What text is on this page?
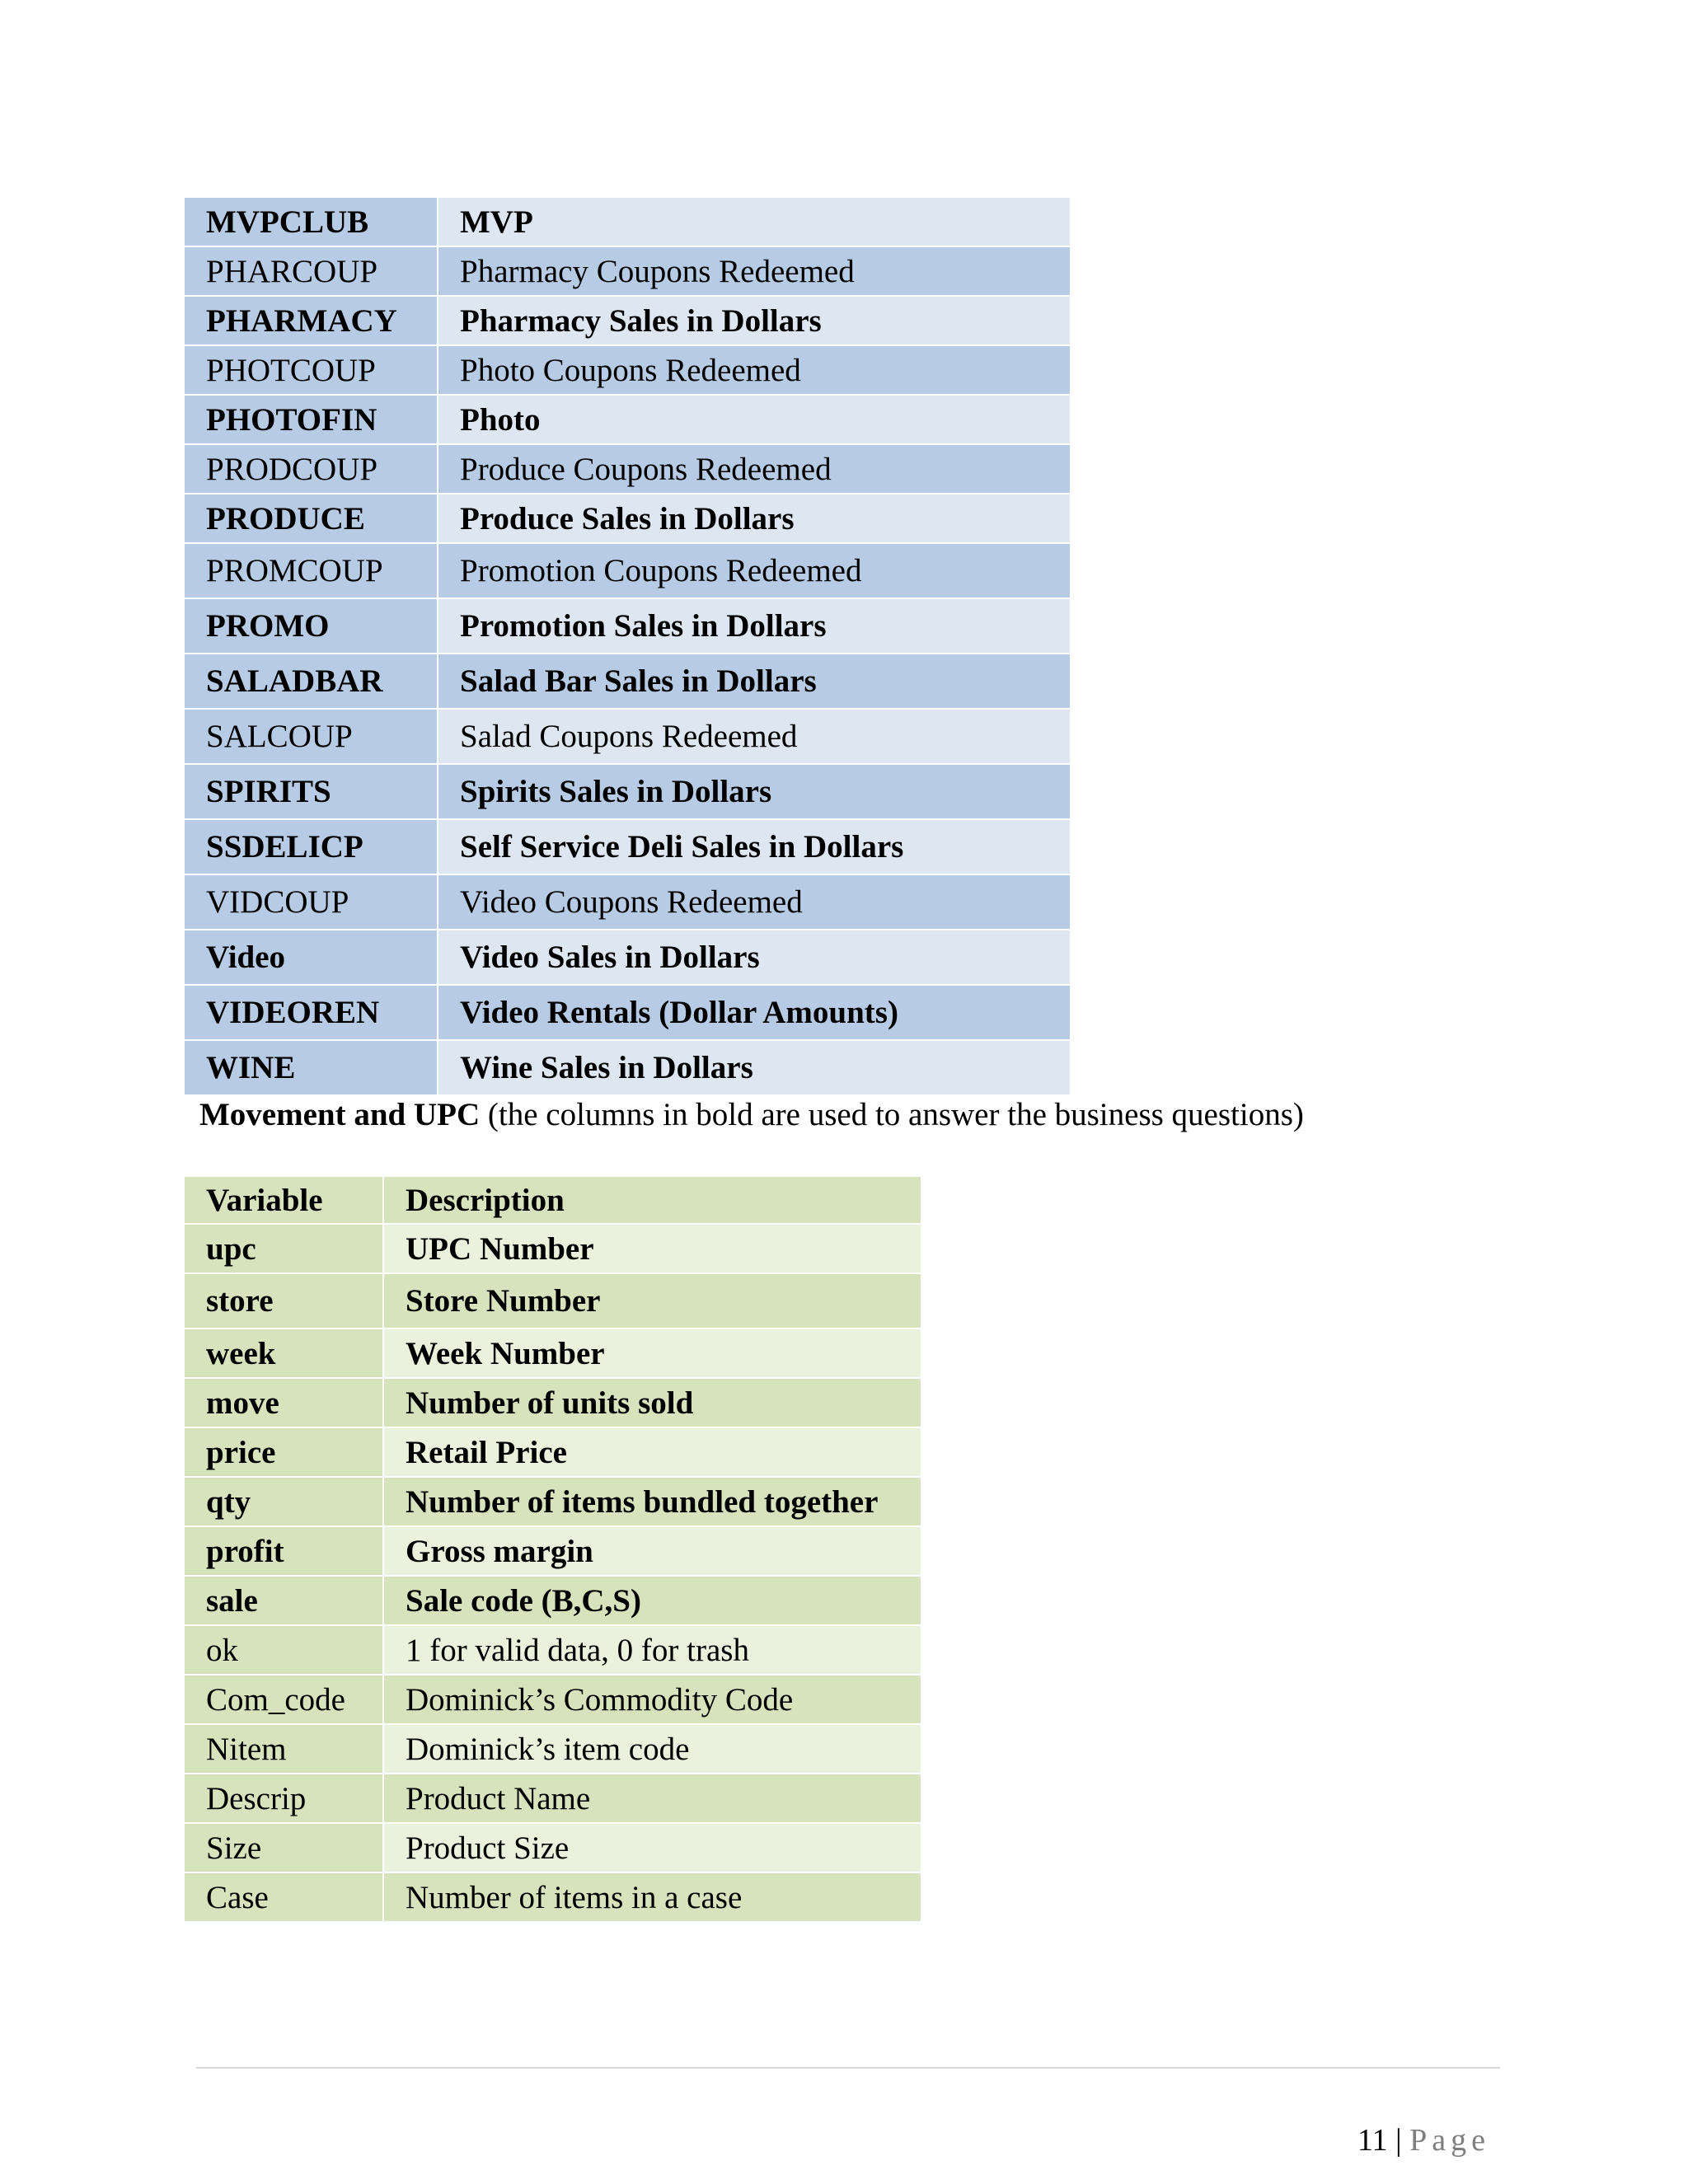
MVPCLUB	MVP
PHARCOUP	Pharmacy Coupons Redeemed
PHARMACY	Pharmacy Sales in Dollars
PHOTCOUP	Photo Coupons Redeemed
PHOTOFIN	Photo
PRODCOUP	Produce Coupons Redeemed
PRODUCE	Produce Sales in Dollars
PROMCOUP	Promotion Coupons Redeemed
PROMO	Promotion Sales in Dollars
SALADBAR	Salad Bar Sales in Dollars
SALCOUP	Salad Coupons Redeemed
SPIRITS	Spirits Sales in Dollars
SSDELICP	Self Service Deli Sales in Dollars
VIDCOUP	Video Coupons Redeemed
Video	Video Sales in Dollars
VIDEOREN	Video Rentals (Dollar Amounts)
WINE	Wine Sales in Dollars
Movement and UPC (the columns in bold are used to answer the business questions)
Variable	Description
upc	UPC Number
store	Store Number
week	Week Number
move	Number of units sold
price	Retail Price
qty	Number of items bundled together
profit	Gross margin
sale	Sale code (B,C,S)
ok	1 for valid data, 0 for trash
Com_code	Dominick’s Commodity Code
Nitem	Dominick’s item code
Descrip	Product Name
Size	Product Size
Case	Number of items in a case
11 | Page
